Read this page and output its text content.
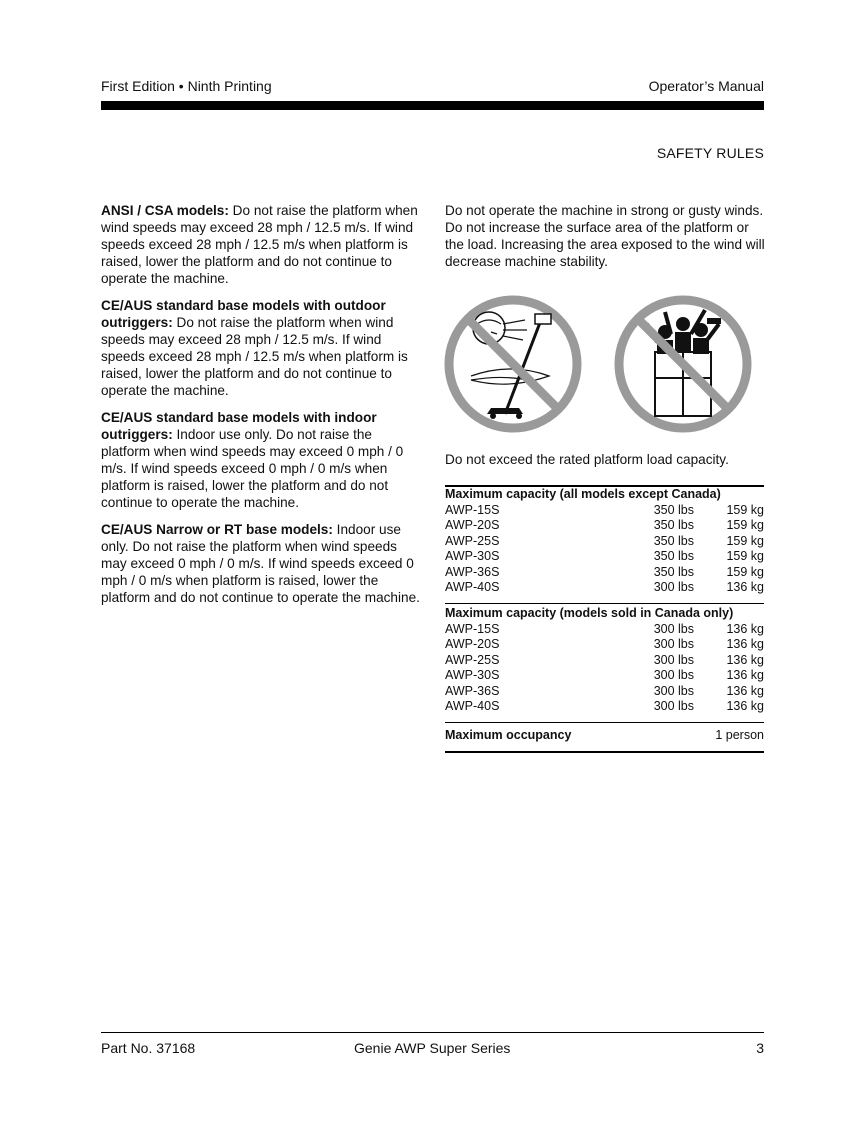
First Edition • Ninth Printing	Operator’s Manual
SAFETY RULES

ANSI / CSA models: Do not raise the platform when wind speeds may exceed 28 mph / 12.5 m/s. If wind speeds exceed 28 mph / 12.5 m/s when platform is raised, lower the platform and do not continue to operate the machine.

CE/AUS standard base models with outdoor outriggers: Do not raise the platform when wind speeds may exceed 28 mph / 12.5 m/s. If wind speeds exceed 28 mph / 12.5 m/s when platform is raised, lower the platform and do not continue to operate the machine.

CE/AUS standard base models with indoor outriggers: Indoor use only. Do not raise the platform when wind speeds may exceed 0 mph / 0 m/s. If wind speeds exceed 0 mph / 0 m/s when platform is raised, lower the platform and do not continue to operate the machine.

CE/AUS Narrow or RT base models: Indoor use only. Do not raise the platform when wind speeds may exceed 0 mph / 0 m/s. If wind speeds exceed 0 mph / 0 m/s when platform is raised, lower the platform and do not continue to operate the machine.

Do not operate the machine in strong or gusty winds. Do not increase the surface area of the platform or the load. Increasing the area exposed to the wind will decrease machine stability.
Do not exceed the rated platform load capacity.
Maximum capacity (all models except Canada)
AWP-15S	350 lbs	159 kg
AWP-20S	350 lbs	159 kg
AWP-25S	350 lbs	159 kg
AWP-30S	350 lbs	159 kg
AWP-36S	350 lbs	159 kg
AWP-40S	300 lbs	136 kg
Maximum capacity (models sold in Canada only)
AWP-15S	300 lbs	136 kg
AWP-20S	300 lbs	136 kg
AWP-25S	300 lbs	136 kg
AWP-30S	300 lbs	136 kg
AWP-36S	300 lbs	136 kg
AWP-40S	300 lbs	136 kg
Maximum occupancy	1 person
Part No. 37168	Genie AWP Super Series	3
